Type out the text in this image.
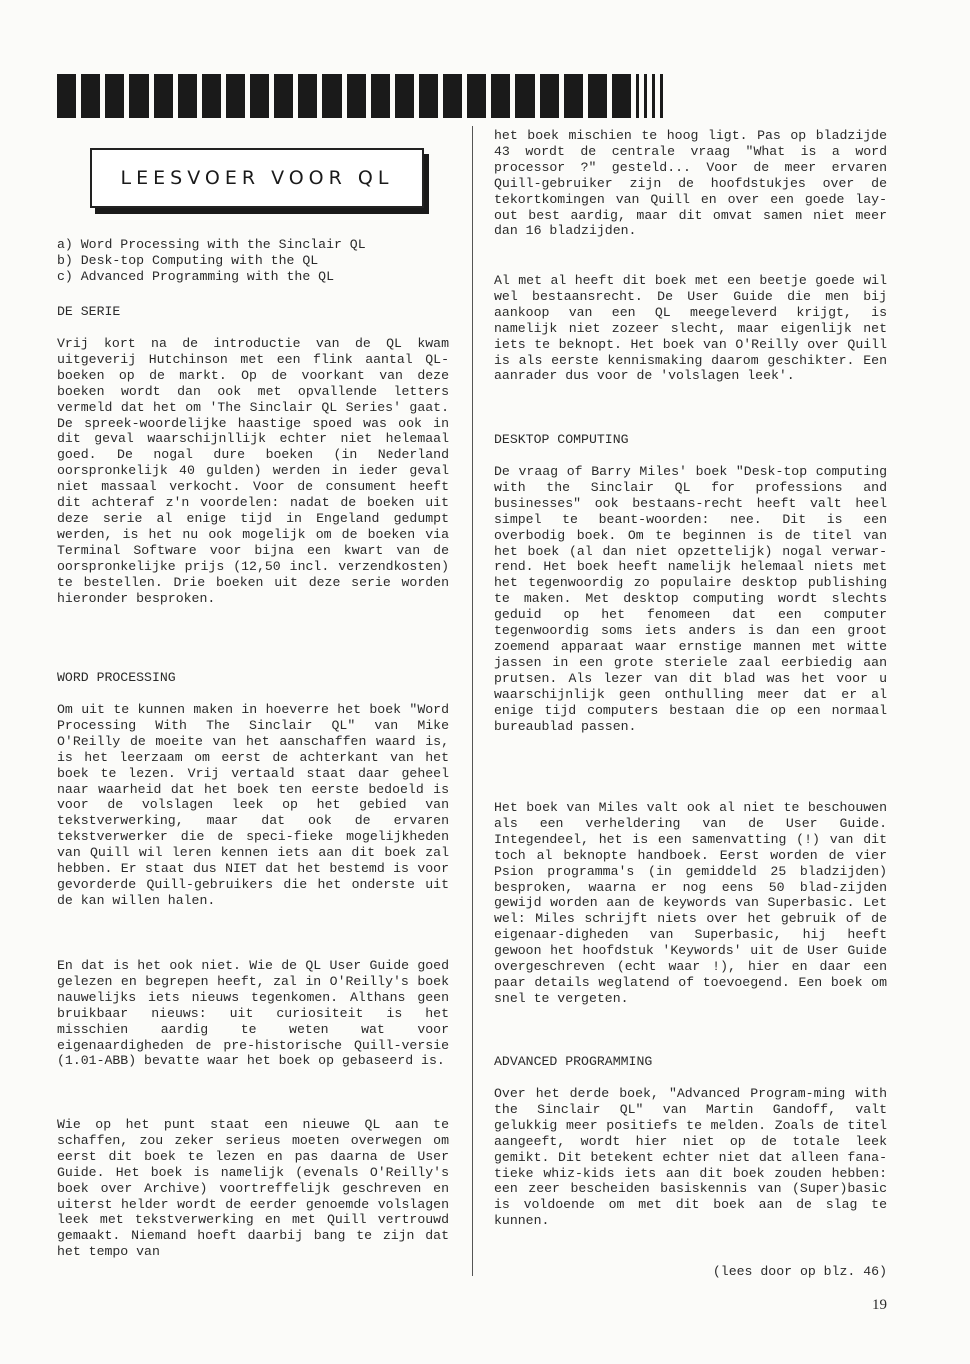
LEESVOER VOOR QL

a) Word Processing with the Sinclair QL

b) Desk-top Computing with the QL

c) Advanced Programming with the QL

DE SERIE

Vrij kort na de introductie van de QL kwam uitgeverij Hutchinson met een flink aantal QL-boeken op de markt. Op de voorkant van deze boeken wordt dan ook met opvallende letters vermeld dat het om 'The Sinclair QL Series' gaat. De spreek-woordelijke haastige spoed was ook in dit geval waarschijnllijk echter niet helemaal goed. De nogal dure boeken (in Nederland oorspronkelijk 40 gulden) werden in ieder geval niet massaal verkocht. Voor de consument heeft dit achteraf z'n voordelen: nadat de boeken uit deze serie al enige tijd in Engeland gedumpt werden, is het nu ook mogelijk om de boeken via Terminal Software voor bijna een kwart van de oorspronkelijke prijs (12,50 incl. verzendkosten) te bestellen. Drie boeken uit deze serie worden hieronder besproken.

WORD PROCESSING

Om uit te kunnen maken in hoeverre het boek "Word Processing With The Sinclair QL" van Mike O'Reilly de moeite van het aanschaffen waard is, is het leerzaam om eerst de achterkant van het boek te lezen. Vrij vertaald staat daar geheel naar waarheid dat het boek ten eerste bedoeld is voor de volslagen leek op het gebied van tekstverwerking, maar dat ook de ervaren tekstverwerker die de speci-fieke mogelijkheden van Quill wil leren kennen iets aan dit boek zal hebben. Er staat dus NIET dat het bestemd is voor gevorderde Quill-gebruikers die het onderste uit de kan willen halen.

En dat is het ook niet. Wie de QL User Guide goed gelezen en begrepen heeft, zal in O'Reilly's boek nauwelijks iets nieuws tegenkomen. Althans geen bruikbaar nieuws: uit curiositeit is het misschien aardig te weten wat voor eigenaardigheden de pre-historische Quill-versie (1.01-ABB) bevatte waar het boek op gebaseerd is.

Wie op het punt staat een nieuwe QL aan te schaffen, zou zeker serieus moeten overwegen om eerst dit boek te lezen en pas daarna de User Guide. Het boek is namelijk (evenals O'Reilly's boek over Archive) voortreffelijk geschreven en uiterst helder wordt de eerder genoemde volslagen leek met tekstverwerking en met Quill vertrouwd gemaakt. Niemand hoeft daarbij bang te zijn dat het tempo van

het boek mischien te hoog ligt. Pas op bladzijde 43 wordt de centrale vraag "What is a word processor ?" gesteld... Voor de meer ervaren Quill-gebruiker zijn de hoofdstukjes over de tekortkomingen van Quill en over een goede lay-out best aardig, maar dit omvat samen niet meer dan 16 bladzijden.

Al met al heeft dit boek met een beetje goede wil wel bestaansrecht. De User Guide die men bij aankoop van een QL meegeleverd krijgt, is namelijk niet zozeer slecht, maar eigenlijk net iets te beknopt. Het boek van O'Reilly over Quill is als eerste kennismaking daarom geschikter. Een aanrader dus voor de 'volslagen leek'.

DESKTOP COMPUTING

De vraag of Barry Miles' boek "Desk-top computing with the Sinclair QL for professions and businesses" ook bestaans-recht heeft valt heel simpel te beant-woorden: nee. Dit is een overbodig boek. Om te beginnen is de titel van het boek (al dan niet opzettelijk) nogal verwar-rend. Het boek heeft namelijk helemaal niets met het tegenwoordig zo populaire desktop publishing te maken. Met desktop computing wordt slechts geduid op het fenomeen dat een computer tegenwoordig soms iets anders is dan een groot zoemend apparaat waar ernstige mannen met witte jassen in een grote steriele zaal eerbiedig aan prutsen. Als lezer van dit blad was het voor u waarschijnlijk geen onthulling meer dat er al enige tijd computers bestaan die op een normaal bureaublad passen.

Het boek van Miles valt ook al niet te beschouwen als een verheldering van de User Guide. Integendeel, het is een samenvatting (!) van dit toch al beknopte handboek. Eerst worden de vier Psion programma's (in gemiddeld 25 bladzijden) besproken, waarna er nog eens 50 blad-zijden gewijd worden aan de keywords van Superbasic. Let wel: Miles schrijft niets over het gebruik of de eigenaar-digheden van Superbasic, hij heeft gewoon het hoofdstuk 'Keywords' uit de User Guide overgeschreven (echt waar !), hier en daar een paar details weglatend of toevoegend. Een boek om snel te vergeten.

ADVANCED PROGRAMMING

Over het derde boek, "Advanced Program-ming with the Sinclair QL" van Martin Gandoff, valt gelukkig meer positiefs te melden. Zoals de titel aangeeft, wordt hier niet op de totale leek gemikt. Dit betekent echter niet dat alleen fana-tieke whiz-kids iets aan dit boek zouden hebben: een zeer bescheiden basiskennis van (Super)basic is voldoende om met dit boek aan de slag te kunnen.

(lees door op blz. 46)

19
